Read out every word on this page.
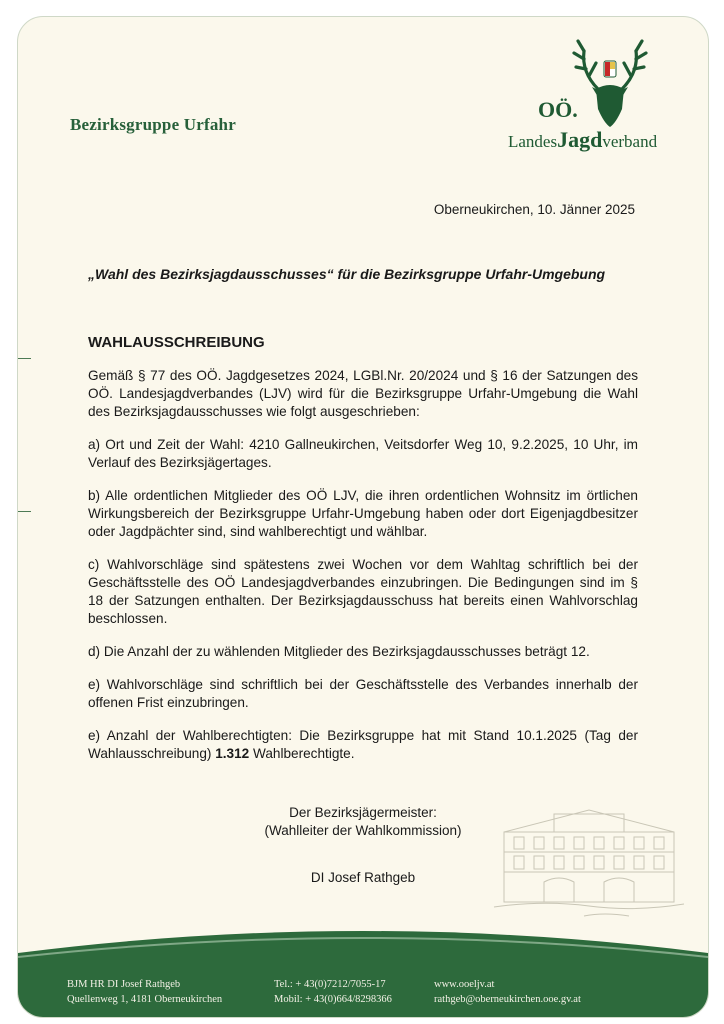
Bezirksgruppe Urfahr
OÖ.
LandesJagdverband
Oberneukirchen, 10. Jänner 2025
„Wahl des Bezirksjagdausschusses“ für die Bezirksgruppe Urfahr-Umgebung
WAHLAUSSCHREIBUNG

Gemäß § 77 des OÖ. Jagdgesetzes 2024, LGBl.Nr. 20/2024 und § 16 der Satzungen des OÖ. Landesjagdverbandes (LJV) wird für die Bezirksgruppe Urfahr-Umgebung die Wahl des Bezirksjagdausschusses wie folgt ausgeschrieben:

a) Ort und Zeit der Wahl: 4210 Gallneukirchen, Veitsdorfer Weg 10, 9.2.2025, 10 Uhr, im Verlauf des Bezirksjägertages.

b) Alle ordentlichen Mitglieder des OÖ LJV, die ihren ordentlichen Wohnsitz im örtlichen Wirkungsbereich der Bezirksgruppe Urfahr-Umgebung haben oder dort Eigenjagdbesitzer oder Jagdpächter sind, sind wahlberechtigt und wählbar.

c) Wahlvorschläge sind spätestens zwei Wochen vor dem Wahltag schriftlich bei der Geschäftsstelle des OÖ Landesjagdverbandes einzubringen. Die Bedingungen sind im § 18 der Satzungen enthalten. Der Bezirksjagdausschuss hat bereits einen Wahlvorschlag beschlossen.

d) Die Anzahl der zu wählenden Mitglieder des Bezirksjagdausschusses beträgt 12.

e) Wahlvorschläge sind schriftlich bei der Geschäftsstelle des Verbandes innerhalb der offenen Frist einzubringen.

e) Anzahl der Wahlberechtigten: Die Bezirksgruppe hat mit Stand 10.1.2025 (Tag der Wahlausschreibung) 1.312 Wahlberechtigte.

Der Bezirksjägermeister:
(Wahlleiter der Wahlkommission)
DI Josef Rathgeb
BJM HR DI Josef Rathgeb
Quellenweg 1, 4181 Oberneukirchen
Tel.: + 43(0)7212/7055-17
Mobil: + 43(0)664/8298366
www.ooeljv.at
rathgeb@oberneukirchen.ooe.gv.at
